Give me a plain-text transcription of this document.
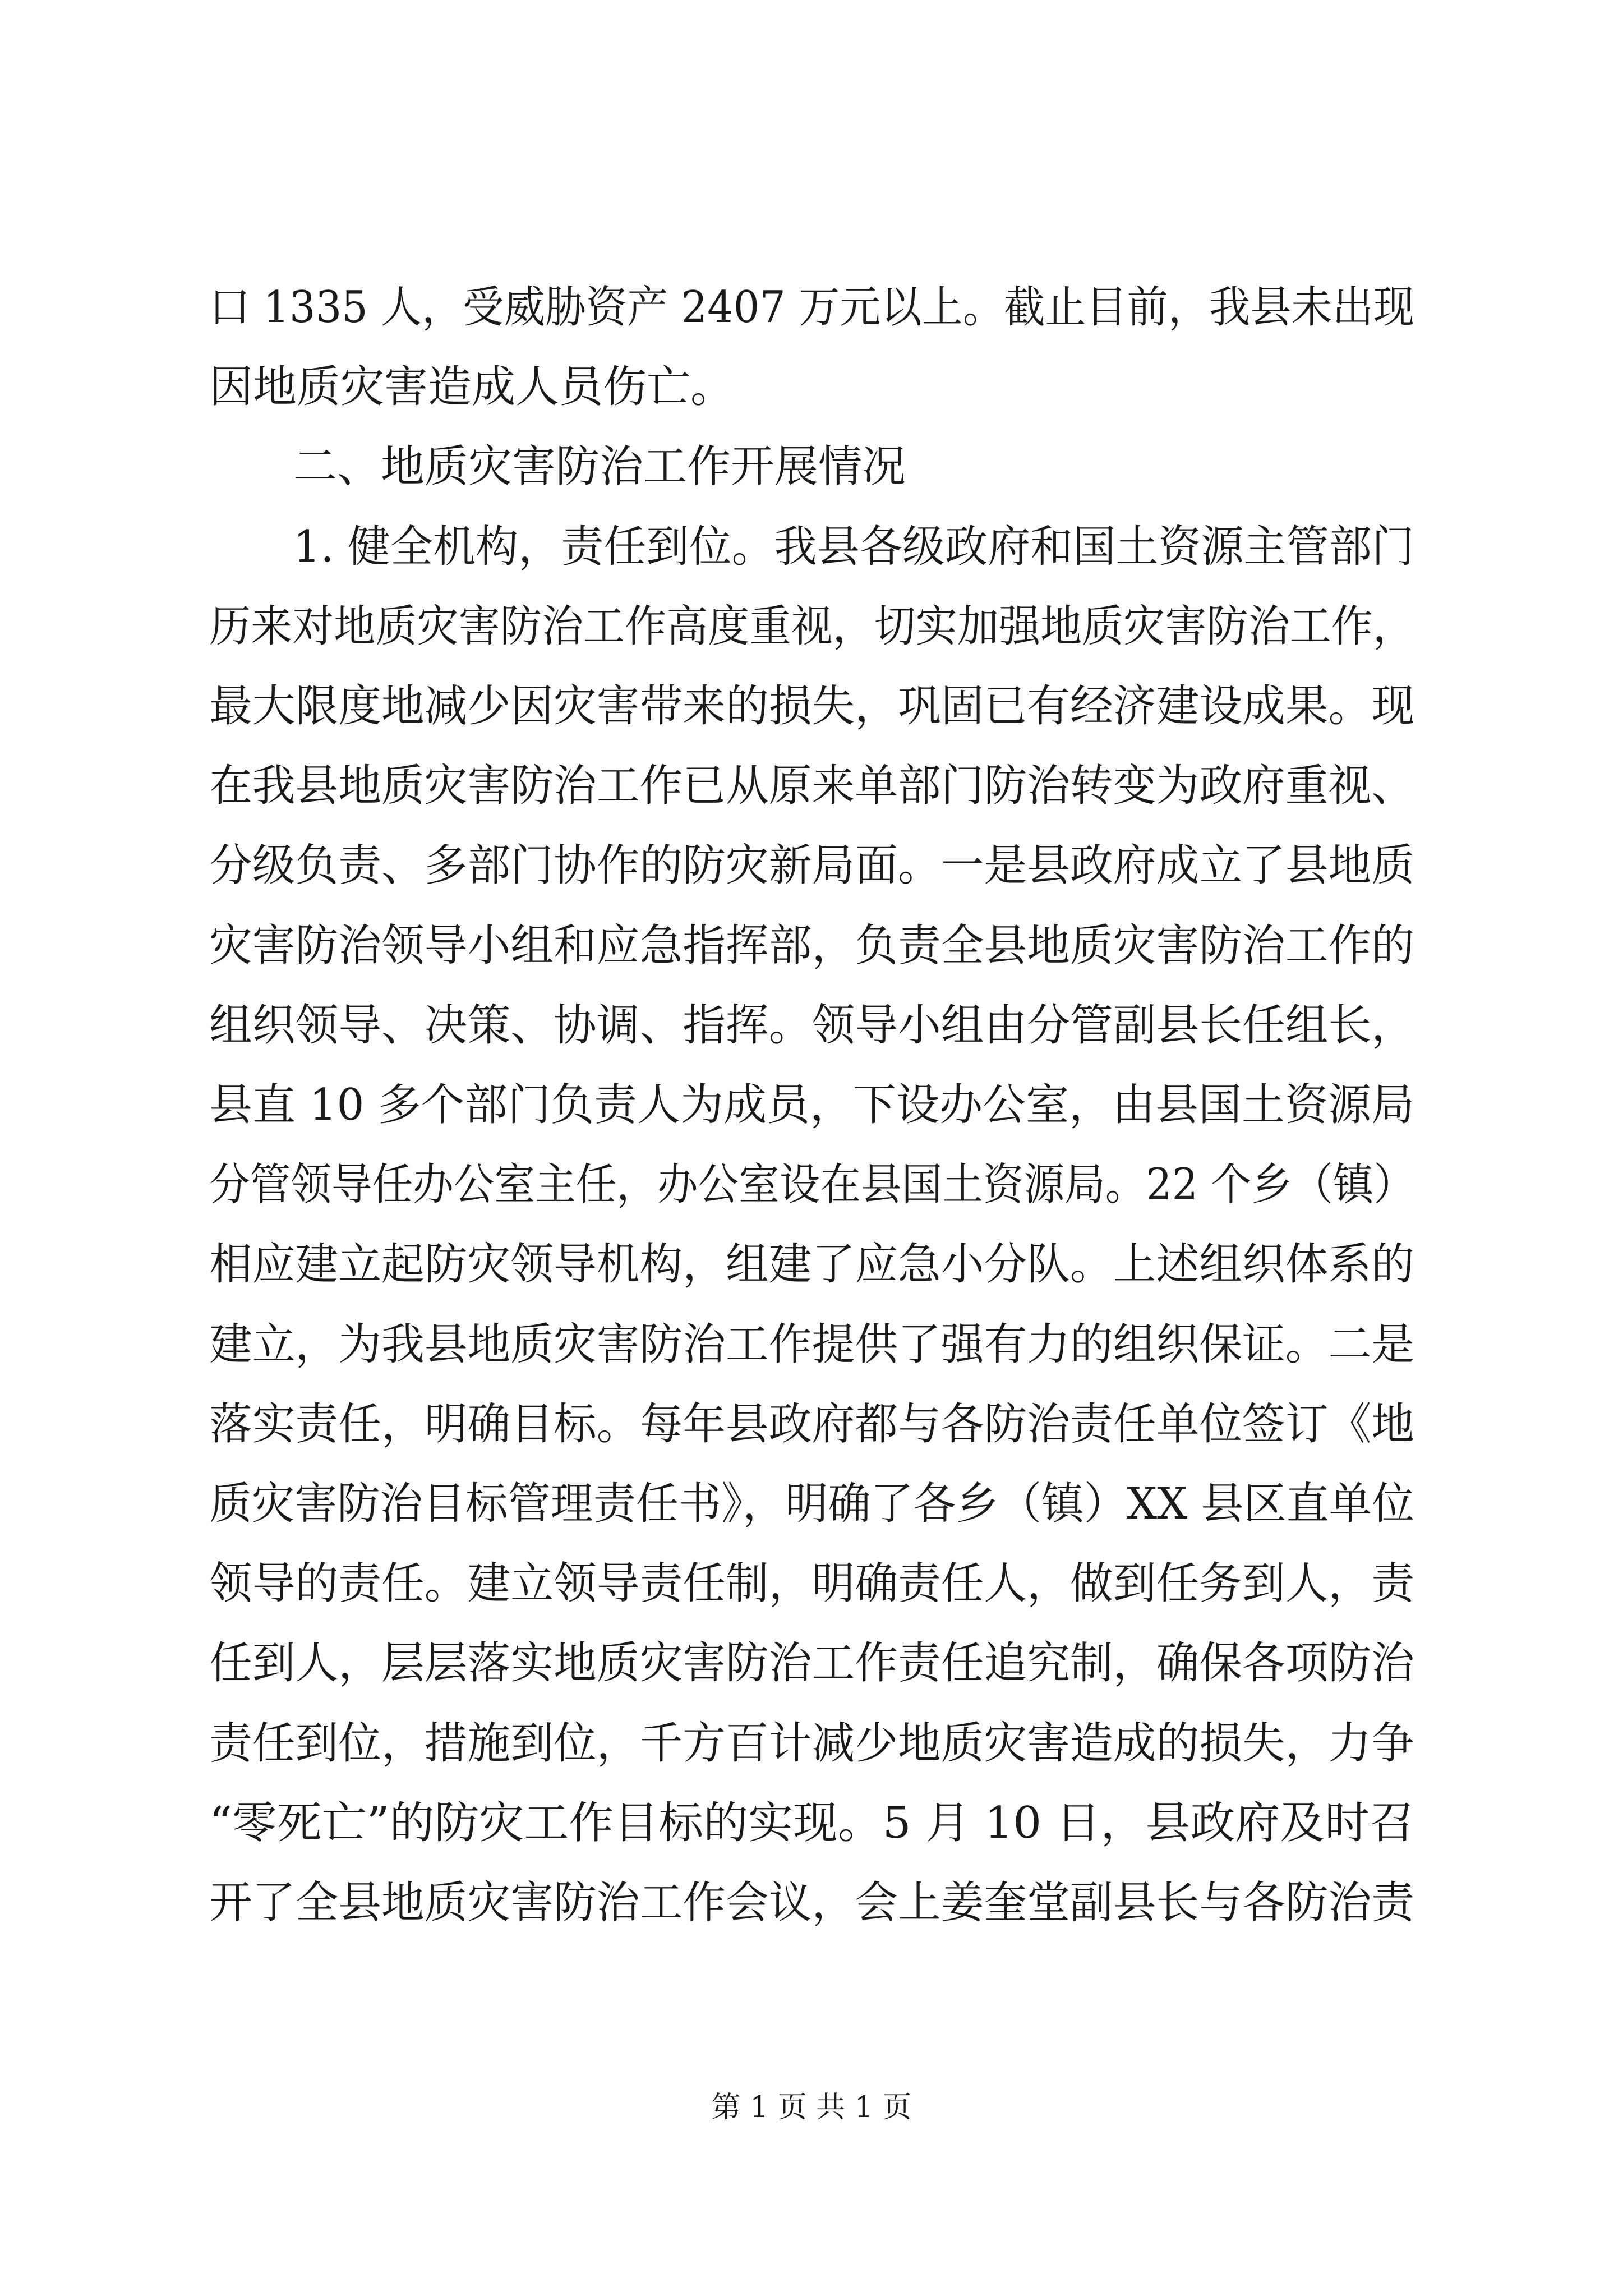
口 1335 人，受威胁资产 2407 万元以上。截止目前，我县未出现
因地质灾害造成人员伤亡。
二、地质灾害防治工作开展情况
1. 健全机构，责任到位。我县各级政府和国土资源主管部门
历来对地质灾害防治工作高度重视，切实加强地质灾害防治工作，
最大限度地减少因灾害带来的损失，巩固已有经济建设成果。现
在我县地质灾害防治工作已从原来单部门防治转变为政府重视、
分级负责、多部门协作的防灾新局面。一是县政府成立了县地质
灾害防治领导小组和应急指挥部，负责全县地质灾害防治工作的
组织领导、决策、协调、指挥。领导小组由分管副县长任组长，
县直 10 多个部门负责人为成员，下设办公室，由县国土资源局
分管领导任办公室主任，办公室设在县国土资源局。22 个乡（镇）
相应建立起防灾领导机构，组建了应急小分队。上述组织体系的
建立，为我县地质灾害防治工作提供了强有力的组织保证。二是
落实责任，明确目标。每年县政府都与各防治责任单位签订《地
质灾害防治目标管理责任书》，明确了各乡（镇）XX 县区直单位
领导的责任。建立领导责任制，明确责任人，做到任务到人，责
任到人，层层落实地质灾害防治工作责任追究制，确保各项防治
责任到位，措施到位，千方百计减少地质灾害造成的损失，力争
“零死亡”的防灾工作目标的实现。5 月 10 日，县政府及时召
开了全县地质灾害防治工作会议，会上姜奎堂副县长与各防治责
第 1 页 共 1 页
